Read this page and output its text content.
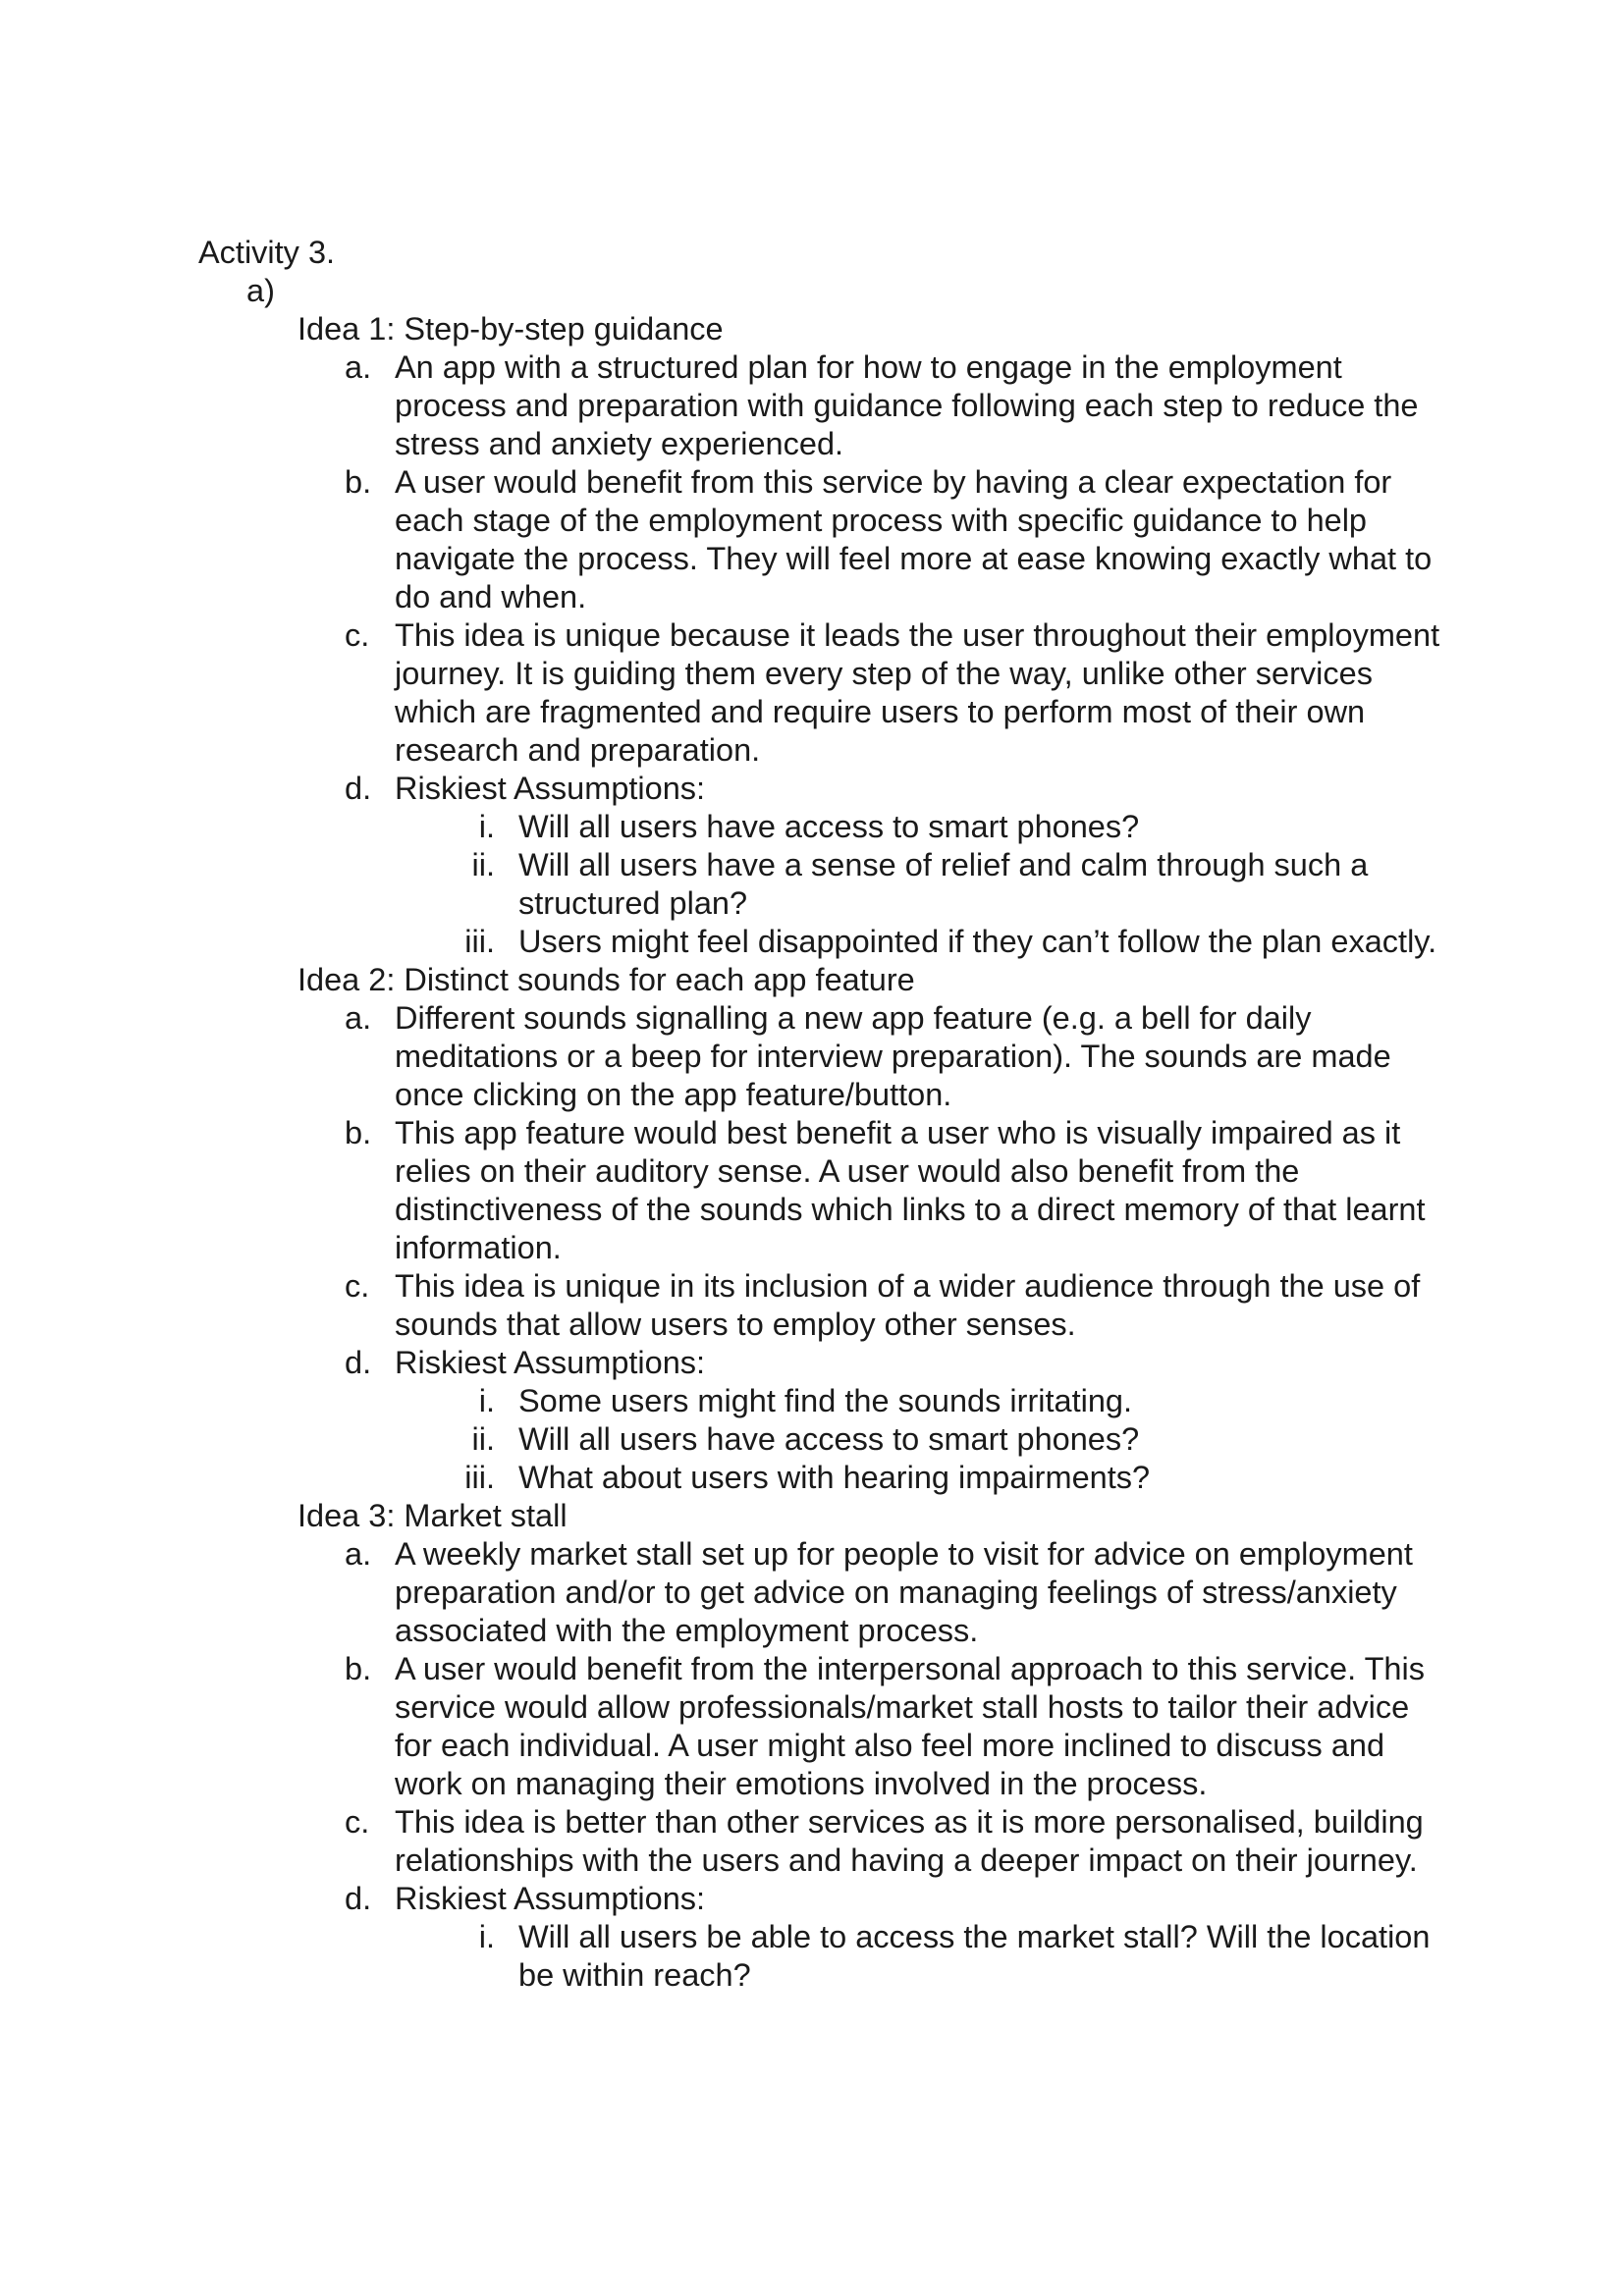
Activity 3.

a)

Idea 1: Step-by-step guidance

a. An app with a structured plan for how to engage in the employment process and preparation with guidance following each step to reduce the stress and anxiety experienced.
b. A user would benefit from this service by having a clear expectation for each stage of the employment process with specific guidance to help navigate the process. They will feel more at ease knowing exactly what to do and when.
c. This idea is unique because it leads the user throughout their employment journey. It is guiding them every step of the way, unlike other services which are fragmented and require users to perform most of their own research and preparation.
d. Riskiest Assumptions:
i. Will all users have access to smart phones?
ii. Will all users have a sense of relief and calm through such a structured plan?
iii. Users might feel disappointed if they can’t follow the plan exactly.

Idea 2: Distinct sounds for each app feature

a. Different sounds signalling a new app feature (e.g. a bell for daily meditations or a beep for interview preparation). The sounds are made once clicking on the app feature/button.
b. This app feature would best benefit a user who is visually impaired as it relies on their auditory sense. A user would also benefit from the distinctiveness of the sounds which links to a direct memory of that learnt information.
c. This idea is unique in its inclusion of a wider audience through the use of sounds that allow users to employ other senses.
d. Riskiest Assumptions:
i. Some users might find the sounds irritating.
ii. Will all users have access to smart phones?
iii. What about users with hearing impairments?

Idea 3: Market stall

a. A weekly market stall set up for people to visit for advice on employment preparation and/or to get advice on managing feelings of stress/anxiety associated with the employment process.
b. A user would benefit from the interpersonal approach to this service. This service would allow professionals/market stall hosts to tailor their advice for each individual. A user might also feel more inclined to discuss and work on managing their emotions involved in the process.
c. This idea is better than other services as it is more personalised, building relationships with the users and having a deeper impact on their journey.
d. Riskiest Assumptions:
i. Will all users be able to access the market stall? Will the location be within reach?
